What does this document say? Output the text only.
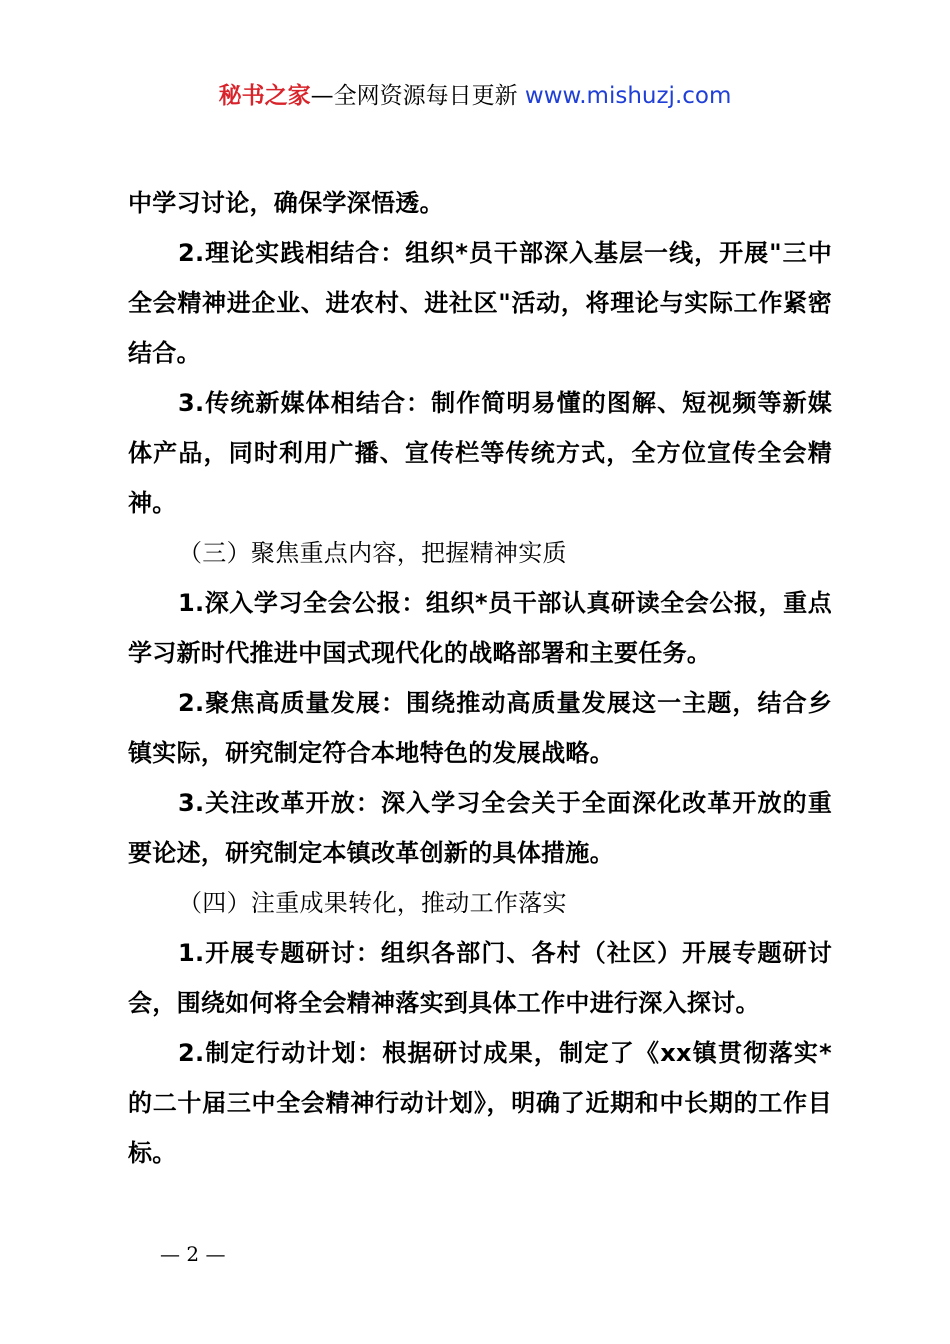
秘书之家—全网资源每日更新 www.mishuzj.com

中学习讨论，确保学深悟透。

2.理论实践相结合：组织*员干部深入基层一线，开展"三中全会精神进企业、进农村、进社区"活动，将理论与实际工作紧密结合。

3.传统新媒体相结合：制作简明易懂的图解、短视频等新媒体产品，同时利用广播、宣传栏等传统方式，全方位宣传全会精神。

（三）聚焦重点内容，把握精神实质

1.深入学习全会公报：组织*员干部认真研读全会公报，重点学习新时代推进中国式现代化的战略部署和主要任务。

2.聚焦高质量发展：围绕推动高质量发展这一主题，结合乡镇实际，研究制定符合本地特色的发展战略。

3.关注改革开放：深入学习全会关于全面深化改革开放的重要论述，研究制定本镇改革创新的具体措施。

（四）注重成果转化，推动工作落实

1.开展专题研讨：组织各部门、各村（社区）开展专题研讨会，围绕如何将全会精神落实到具体工作中进行深入探讨。

2.制定行动计划：根据研讨成果，制定了《xx镇贯彻落实*的二十届三中全会精神行动计划》，明确了近期和中长期的工作目标。

— 2 —
